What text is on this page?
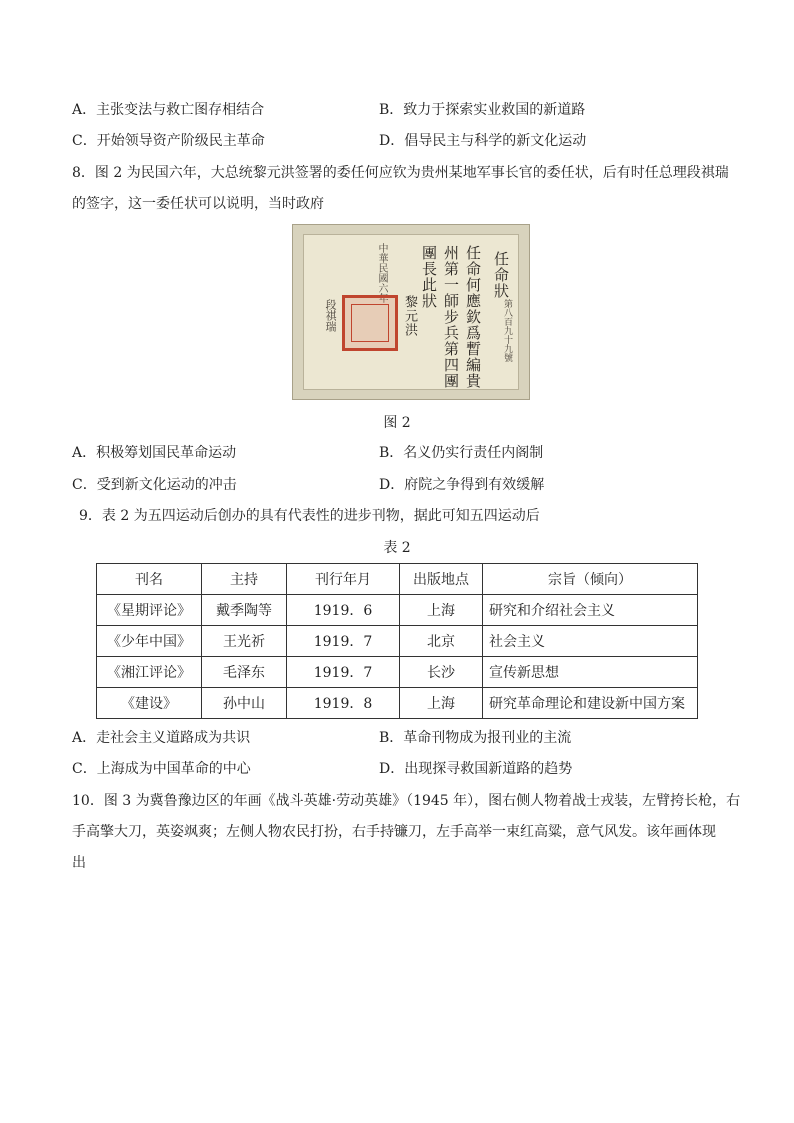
A．主张变法与救亡图存相结合	B．致力于探索实业救国的新道路
C．开始领导资产阶级民主革命	D．倡导民主与科学的新文化运动
8．图 2 为民国六年，大总统黎元洪签署的委任何应钦为贵州某地军事长官的委任状，后有时任总理段祺瑞
的签字，这一委任状可以说明，当时政府
任命狀
第八百九十九號
任命何應欽爲暫編貴
州第一師步兵第四團
團長此狀
黎元洪
中華民國六年
段祺瑞
图 2
A．积极筹划国民革命运动	B．名义仍实行责任内阁制
C．受到新文化运动的冲击	D．府院之争得到有效缓解
9．表 2 为五四运动后创办的具有代表性的进步刊物，据此可知五四运动后
表 2
刊名	主持	刊行年月	出版地点	宗旨（倾向）
《星期评论》	戴季陶等	1919．6	上海	研究和介绍社会主义
《少年中国》	王光祈	1919．7	北京	社会主义
《湘江评论》	毛泽东	1919．7	长沙	宣传新思想
《建设》	孙中山	1919．8	上海	研究革命理论和建设新中国方案
A．走社会主义道路成为共识	B．革命刊物成为报刊业的主流
C．上海成为中国革命的中心	D．出现探寻救国新道路的趋势
10．图 3 为冀鲁豫边区的年画《战斗英雄·劳动英雄》（1945 年），图右侧人物着战士戎装，左臂挎长枪，右
手高擎大刀，英姿飒爽；左侧人物农民打扮，右手持镰刀，左手高举一束红高粱，意气风发。该年画体现
出
